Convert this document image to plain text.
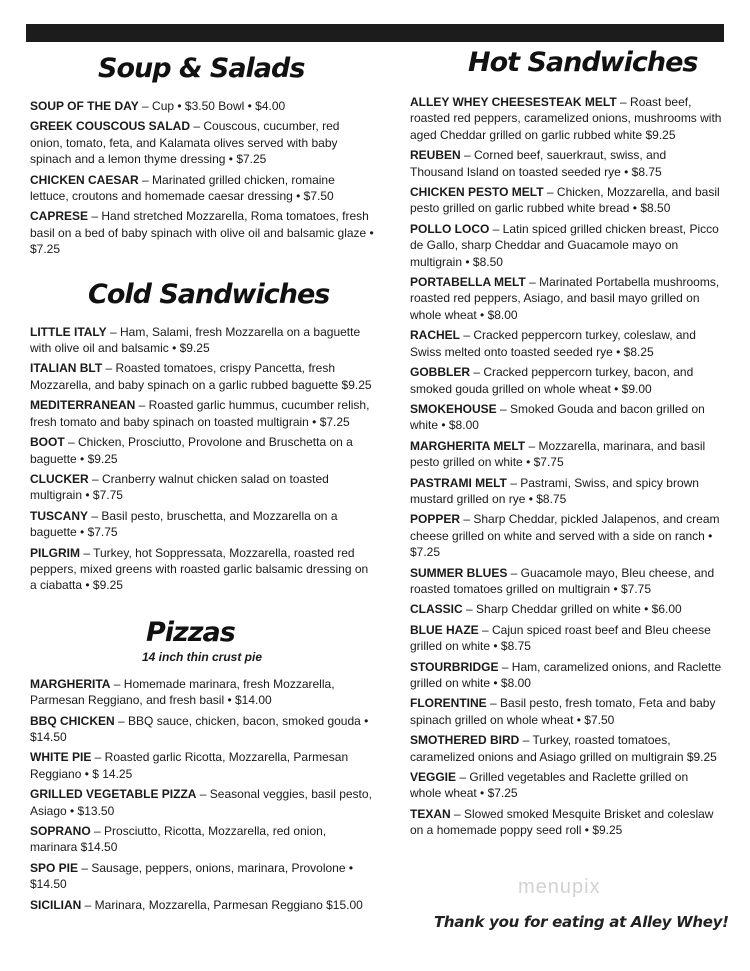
Soup & Salads

SOUP OF THE DAY – Cup • $3.50 Bowl • $4.00

GREEK COUSCOUS SALAD – Couscous, cucumber, red onion, tomato, feta, and Kalamata olives served with baby spinach and a lemon thyme dressing • $7.25

CHICKEN CAESAR – Marinated grilled chicken, romaine lettuce, croutons and homemade caesar dressing • $7.50

CAPRESE – Hand stretched Mozzarella, Roma tomatoes, fresh basil on a bed of baby spinach with olive oil and balsamic glaze • $7.25

Cold Sandwiches

LITTLE ITALY – Ham, Salami, fresh Mozzarella on a baguette with olive oil and balsamic • $9.25

ITALIAN BLT – Roasted tomatoes, crispy Pancetta, fresh Mozzarella, and baby spinach on a garlic rubbed baguette $9.25

MEDITERRANEAN – Roasted garlic hummus, cucumber relish, fresh tomato and baby spinach on toasted multigrain • $7.25

BOOT – Chicken, Prosciutto, Provolone and Bruschetta on a baguette • $9.25

CLUCKER – Cranberry walnut chicken salad on toasted multigrain • $7.75

TUSCANY – Basil pesto, bruschetta, and Mozzarella on a baguette • $7.75

PILGRIM – Turkey, hot Soppressata, Mozzarella, roasted red peppers, mixed greens with roasted garlic balsamic dressing on a ciabatta • $9.25

Pizzas

14 inch thin crust pie

MARGHERITA – Homemade marinara, fresh Mozzarella, Parmesan Reggiano, and fresh basil • $14.00

BBQ CHICKEN – BBQ sauce, chicken, bacon, smoked gouda • $14.50

WHITE PIE – Roasted garlic Ricotta, Mozzarella, Parmesan Reggiano • $ 14.25

GRILLED VEGETABLE PIZZA – Seasonal veggies, basil pesto, Asiago • $13.50

SOPRANO – Prosciutto, Ricotta, Mozzarella, red onion, marinara $14.50

SPO PIE – Sausage, peppers, onions, marinara, Provolone • $14.50

SICILIAN – Marinara, Mozzarella, Parmesan Reggiano $15.00

Hot Sandwiches

ALLEY WHEY CHEESESTEAK MELT – Roast beef, roasted red peppers, caramelized onions, mushrooms with aged Cheddar grilled on garlic rubbed white $9.25

REUBEN – Corned beef, sauerkraut, swiss, and Thousand Island on toasted seeded rye • $8.75

CHICKEN PESTO MELT – Chicken, Mozzarella, and basil pesto grilled on garlic rubbed white bread • $8.50

POLLO LOCO – Latin spiced grilled chicken breast, Picco de Gallo, sharp Cheddar and Guacamole mayo on multigrain • $8.50

PORTABELLA MELT – Marinated Portabella mushrooms, roasted red peppers, Asiago, and basil mayo grilled on whole wheat • $8.00

RACHEL – Cracked peppercorn turkey, coleslaw, and Swiss melted onto toasted seeded rye • $8.25

GOBBLER – Cracked peppercorn turkey, bacon, and smoked gouda grilled on whole wheat • $9.00

SMOKEHOUSE – Smoked Gouda and bacon grilled on white • $8.00

MARGHERITA MELT – Mozzarella, marinara, and basil pesto grilled on white • $7.75

PASTRAMI MELT – Pastrami, Swiss, and spicy brown mustard grilled on rye • $8.75

POPPER – Sharp Cheddar, pickled Jalapenos, and cream cheese grilled on white and served with a side on ranch • $7.25

SUMMER BLUES – Guacamole mayo, Bleu cheese, and roasted tomatoes grilled on multigrain • $7.75

CLASSIC – Sharp Cheddar grilled on white • $6.00

BLUE HAZE – Cajun spiced roast beef and Bleu cheese grilled on white • $8.75

STOURBRIDGE – Ham, caramelized onions, and Raclette grilled on white • $8.00

FLORENTINE – Basil pesto, fresh tomato, Feta and baby spinach grilled on whole wheat • $7.50

SMOTHERED BIRD – Turkey, roasted tomatoes, caramelized onions and Asiago grilled on multigrain $9.25

VEGGIE – Grilled vegetables and Raclette grilled on whole wheat • $7.25

TEXAN – Slowed smoked Mesquite Brisket and coleslaw on a homemade poppy seed roll • $9.25

menupix
Thank you for eating at Alley Whey!
